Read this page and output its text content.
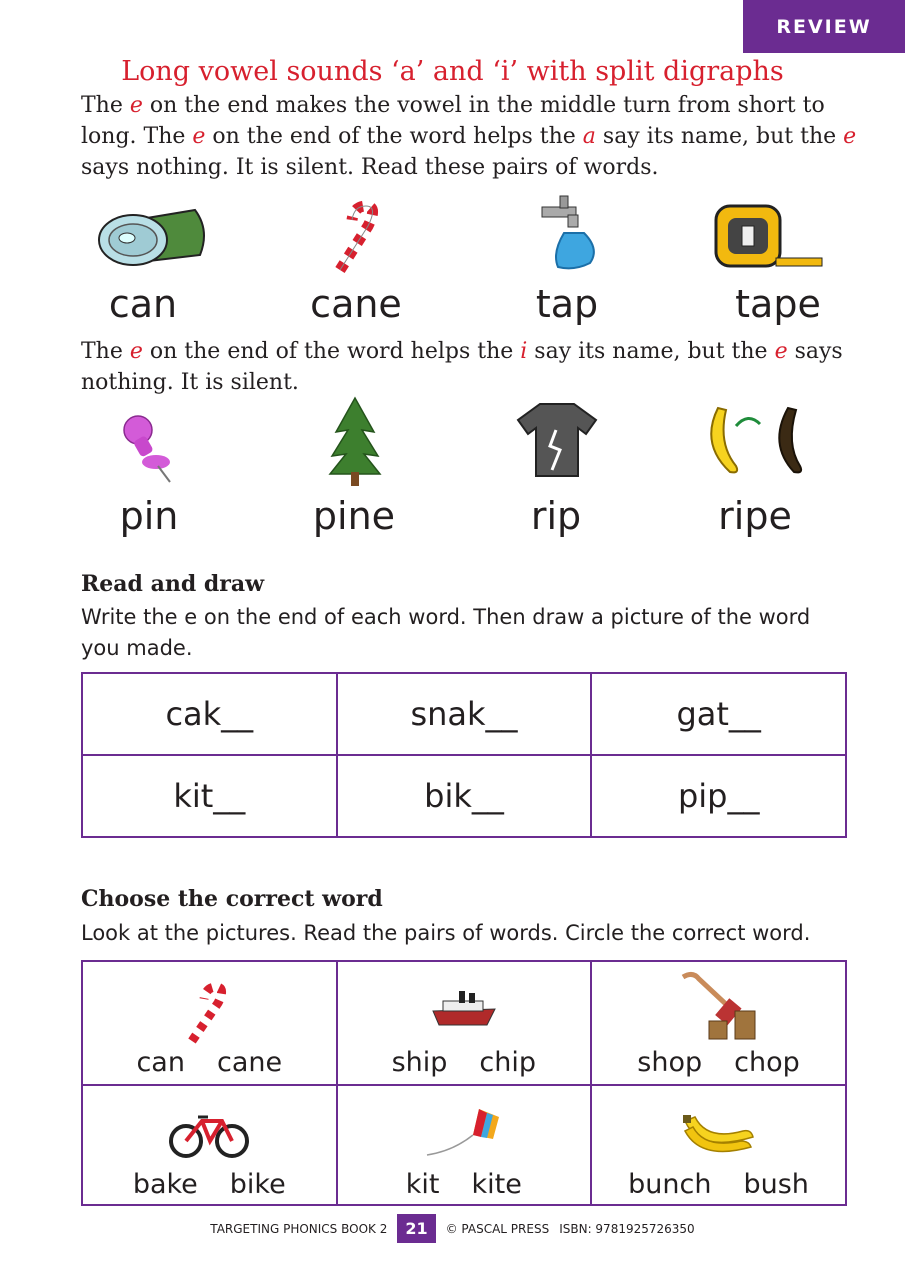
REVIEW
Long vowel sounds ‘a’ and ‘i’ with split digraphs
The e on the end makes the vowel in the middle turn from short to long. The e on the end of the word helps the a say its name, but the e says nothing. It is silent. Read these pairs of words.
can	cane	tap	tape
The e on the end of the word helps the i say its name, but the e says nothing. It is silent.
pin	pine	rip	ripe
Read and draw
Write the e on the end of each word. Then draw a picture of the word you made.
cak__	snak__	gat__
kit__	bik__	pip__
Choose the correct word
Look at the pictures. Read the pairs of words. Circle the correct word.
can cane	ship chip	shop chop

bake bike	kit kite	bunch bush
TARGETING PHONICS BOOK 2	21	© PASCAL PRESS ISBN: 9781925726350
